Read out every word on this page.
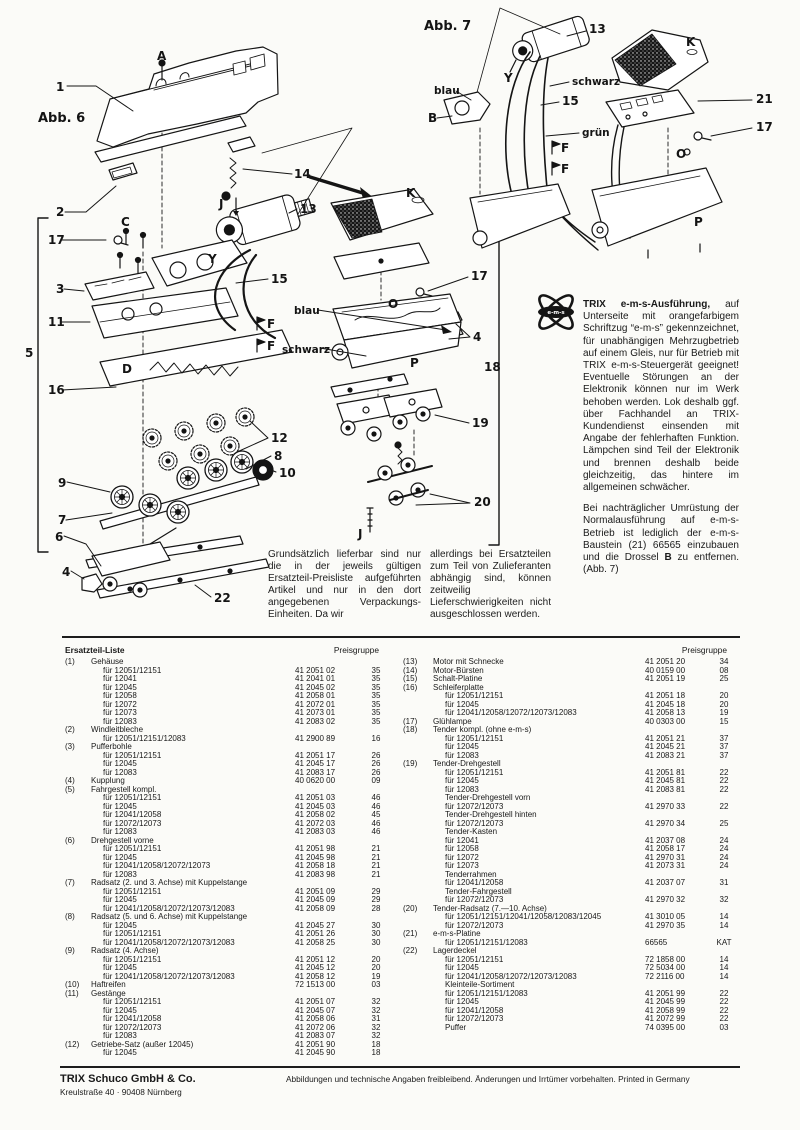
Abb. 6
Abb. 7
1
A
2
17
C
3
11
5
D
16
14
13
J
Y
15
blau
F
F schwarz
12
8
10
9
7
6
4
22
K
17
O
4
P	18
19
20
J
13
Y	schwarz
blau
15
B
grün
F
F
K
21
17
O
P
e-m-s
Grundsätzlich lieferbar sind nur die in der jeweils gültigen Ersatzteil-Preisliste aufgeführten Artikel und nur in den dort angegebenen Verpackungs-Einheiten. Da wir
allerdings bei Ersatzteilen zum Teil von Zulieferanten abhängig sind, können zeitweilig Lieferschwierigkeiten nicht ausgeschlossen werden.

TRIX e-m-s-Ausführung, auf Unterseite mit orangefarbigem Schriftzug “e-m-s” gekennzeichnet, für unabhängigen Mehrzugbetrieb auf einem Gleis, nur für Betrieb mit TRIX e-m-s-Steuergerät geeignet! Eventuelle Störungen an der Elektronik können nur im Werk behoben werden. Lok deshalb ggf. über Fachhandel an TRIX-Kundendienst einsenden mit Angabe der fehlerhaften Funktion. Lämpchen sind Teil der Elektronik und brennen deshalb beide gleichzeitig, das hintere im allgemeinen schwächer.

Bei nachträglicher Umrüstung der Normalausführung auf e-m-s-Betrieb ist lediglich der e-m-s-Baustein (21) 66565 einzubauen und die Drossel B zu entfernen. (Abb. 7)

Ersatzteil-Liste	Preisgruppe
(1)	Gehäuse
für 12051/12151	41 2051 02	35
für 12041	41 2041 01	35
für 12045	41 2045 02	35
für 12058	41 2058 01	35
für 12072	41 2072 01	35
für 12073	41 2073 01	35
für 12083	41 2083 02	35
(2)	Windleitbleche
für 12051/12151/12083	41 2900 89	16
(3)	Pufferbohle
für 12051/12151	41 2051 17	26
für 12045	41 2045 17	26
für 12083	41 2083 17	26
(4)	Kupplung	40 0620 00	09
(5)	Fahrgestell kompl.
für 12051/12151	41 2051 03	46
für 12045	41 2045 03	46
für 12041/12058	41 2058 02	45
für 12072/12073	41 2072 03	46
für 12083	41 2083 03	46
(6)	Drehgestell vorne
für 12051/12151	41 2051 98	21
für 12045	41 2045 98	21
für 12041/12058/12072/12073	41 2058 18	21
für 12083	41 2083 98	21
(7)	Radsatz (2. und 3. Achse) mit Kuppelstange
für 12051/12151	41 2051 09	29
für 12045	41 2045 09	29
für 12041/12058/12072/12073/12083	41 2058 09	28
(8)	Radsatz (5. und 6. Achse) mit Kuppelstange
für 12045	41 2045 27	30
für 12051/12151	41 2051 26	30
für 12041/12058/12072/12073/12083	41 2058 25	30
(9)	Radsatz (4. Achse)
für 12051/12151	41 2051 12	20
für 12045	41 2045 12	20
für 12041/12058/12072/12073/12083	41 2058 12	19
(10)	Haftreifen	72 1513 00	03
(11)	Gestänge
für 12051/12151	41 2051 07	32
für 12045	41 2045 07	32
für 12041/12058	41 2058 06	31
für 12072/12073	41 2072 06	32
für 12083	41 2083 07	32
(12)	Getriebe-Satz (außer 12045)	41 2051 90	18
für 12045	41 2045 90	18
Preisgruppe
(13)	Motor mit Schnecke	41 2051 20	34
(14)	Motor-Bürsten	40 0159 00	08
(15)	Schalt-Platine	41 2051 19	25
(16)	Schleiferplatte
für 12051/12151	41 2051 18	20
für 12045	41 2045 18	20
für 12041/12058/12072/12073/12083	41 2058 13	19
(17)	Glühlampe	40 0303 00	15
(18)	Tender kompl. (ohne e-m-s)
für 12051/12151	41 2051 21	37
für 12045	41 2045 21	37
für 12083	41 2083 21	37
(19)	Tender-Drehgestell
für 12051/12151	41 2051 81	22
für 12045	41 2045 81	22
für 12083	41 2083 81	22
Tender-Drehgestell vorn
für 12072/12073	41 2970 33	22
Tender-Drehgestell hinten
für 12072/12073	41 2970 34	25
Tender-Kasten
für 12041	41 2037 08	24
für 12058	41 2058 17	24
für 12072	41 2970 31	24
für 12073	41 2073 31	24
Tenderrahmen
für 12041/12058	41 2037 07	31
Tender-Fahrgestell
für 12072/12073	41 2970 32	32
(20)	Tender-Radsatz (7.—10. Achse)
für 12051/12151/12041/12058/12083/12045	41 3010 05	14
für 12072/12073	41 2970 35	14
(21)	e-m-s-Platine
für 12051/12151/12083	66565	KAT
(22)	Lagerdeckel
für 12051/12151	72 1858 00	14
für 12045	72 5034 00	14
für 12041/12058/12072/12073/12083	72 2116 00	14
Kleinteile-Sortiment
für 12051/12151/12083	41 2051 99	22
für 12045	41 2045 99	22
für 12041/12058	41 2058 99	22
für 12072/12073	41 2072 99	22
Puffer	74 0395 00	03
TRIX Schuco GmbH & Co.
Kreulstraße 40 · 90408 Nürnberg
Abbildungen und technische Angaben freibleibend. Änderungen und Irrtümer vorbehalten. Printed in Germany
